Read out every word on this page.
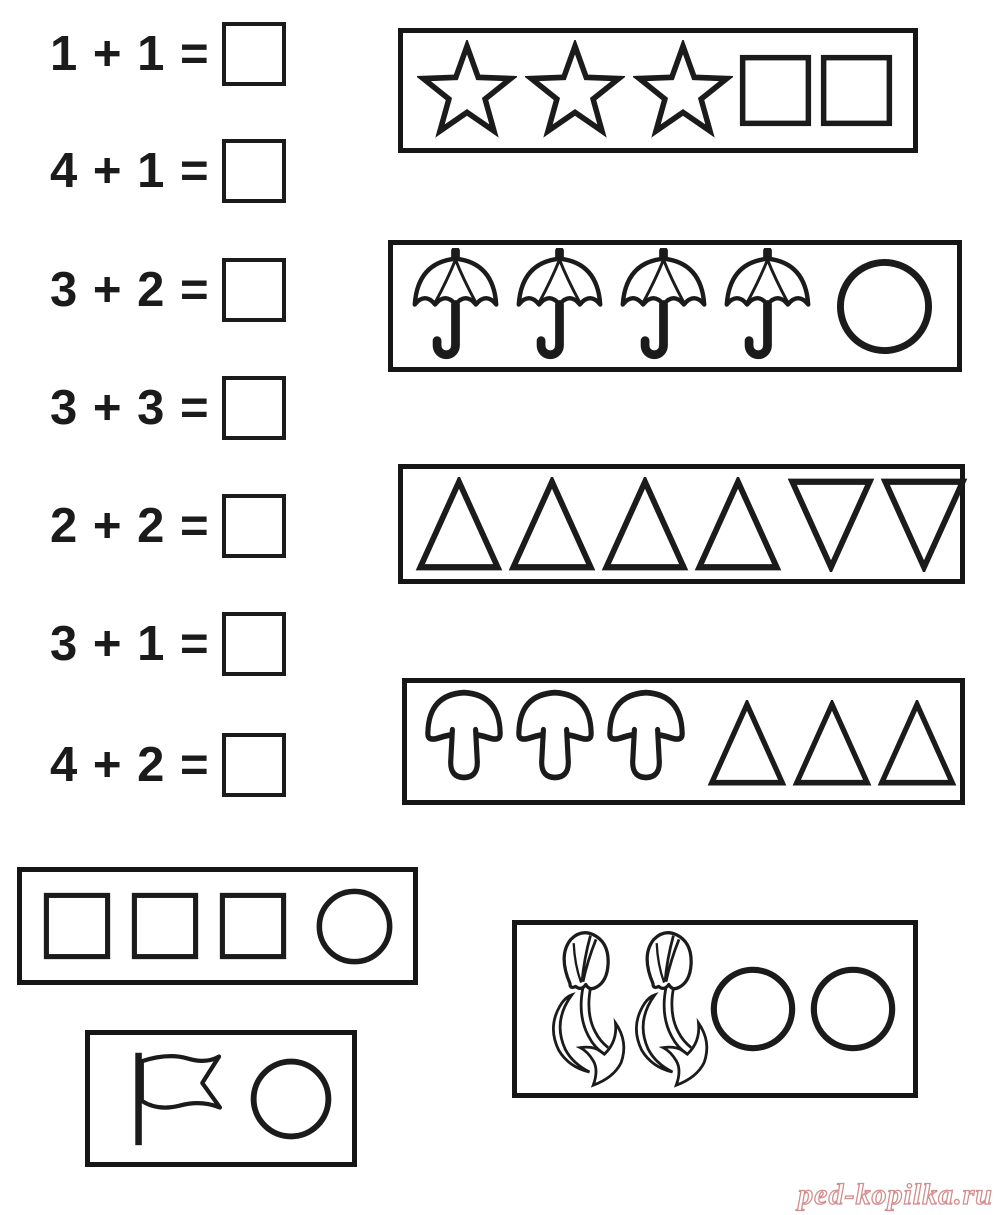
1 + 1 =
4 + 1 =
3 + 2 =
3 + 3 =
2 + 2 =
3 + 1 =
4 + 2 =
ped-kopilka.ru
